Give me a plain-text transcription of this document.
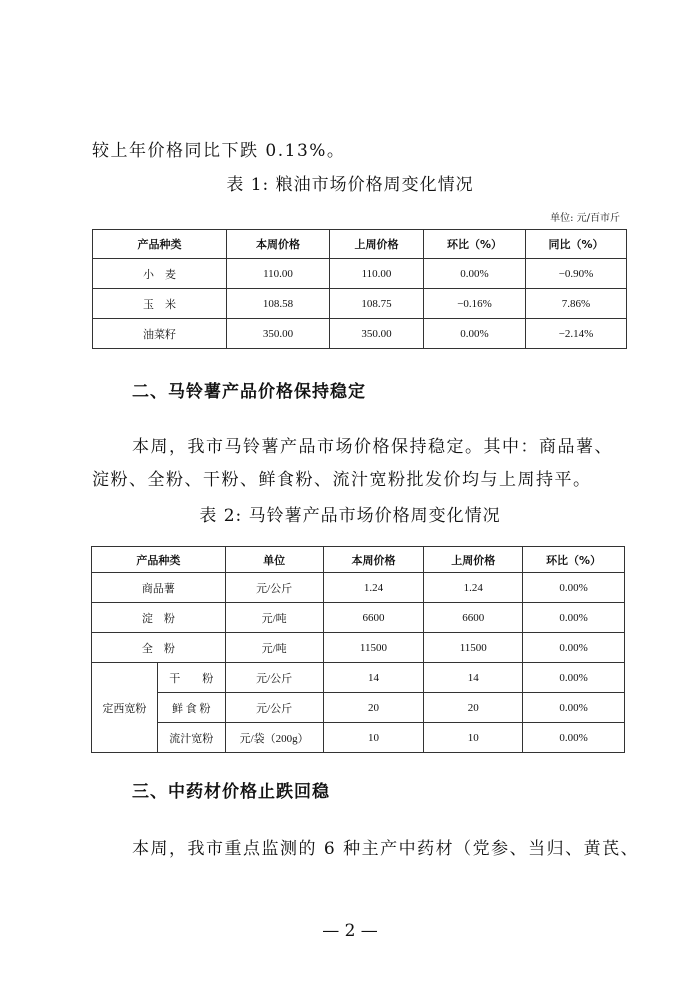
较上年价格同比下跌 0.13%。
表 1: 粮油市场价格周变化情况
单位: 元/百市斤
产品种类	本周价格	上周价格	环比（%）	同比（%）
小　麦	110.00	110.00	0.00%	−0.90%
玉　米	108.58	108.75	−0.16%	7.86%
油菜籽	350.00	350.00	0.00%	−2.14%
二、马铃薯产品价格保持稳定
本周，我市马铃薯产品市场价格保持稳定。其中：商品薯、
淀粉、全粉、干粉、鲜食粉、流汁宽粉批发价均与上周持平。
表 2: 马铃薯产品市场价格周变化情况
产品种类		单位	本周价格	上周价格	环比（%）
商品薯		元/公斤	1.24	1.24	0.00%
淀　粉		元/吨	6600	6600	0.00%
全　粉		元/吨	11500	11500	0.00%
定西宽粉	干　　粉	元/公斤	14	14	0.00%
	鲜 食 粉	元/公斤	20	20	0.00%
	流汁宽粉	元/袋（200g）	10	10	0.00%
三、中药材价格止跌回稳
本周，我市重点监测的 6 种主产中药材（党参、当归、黄芪、
— 2 —
